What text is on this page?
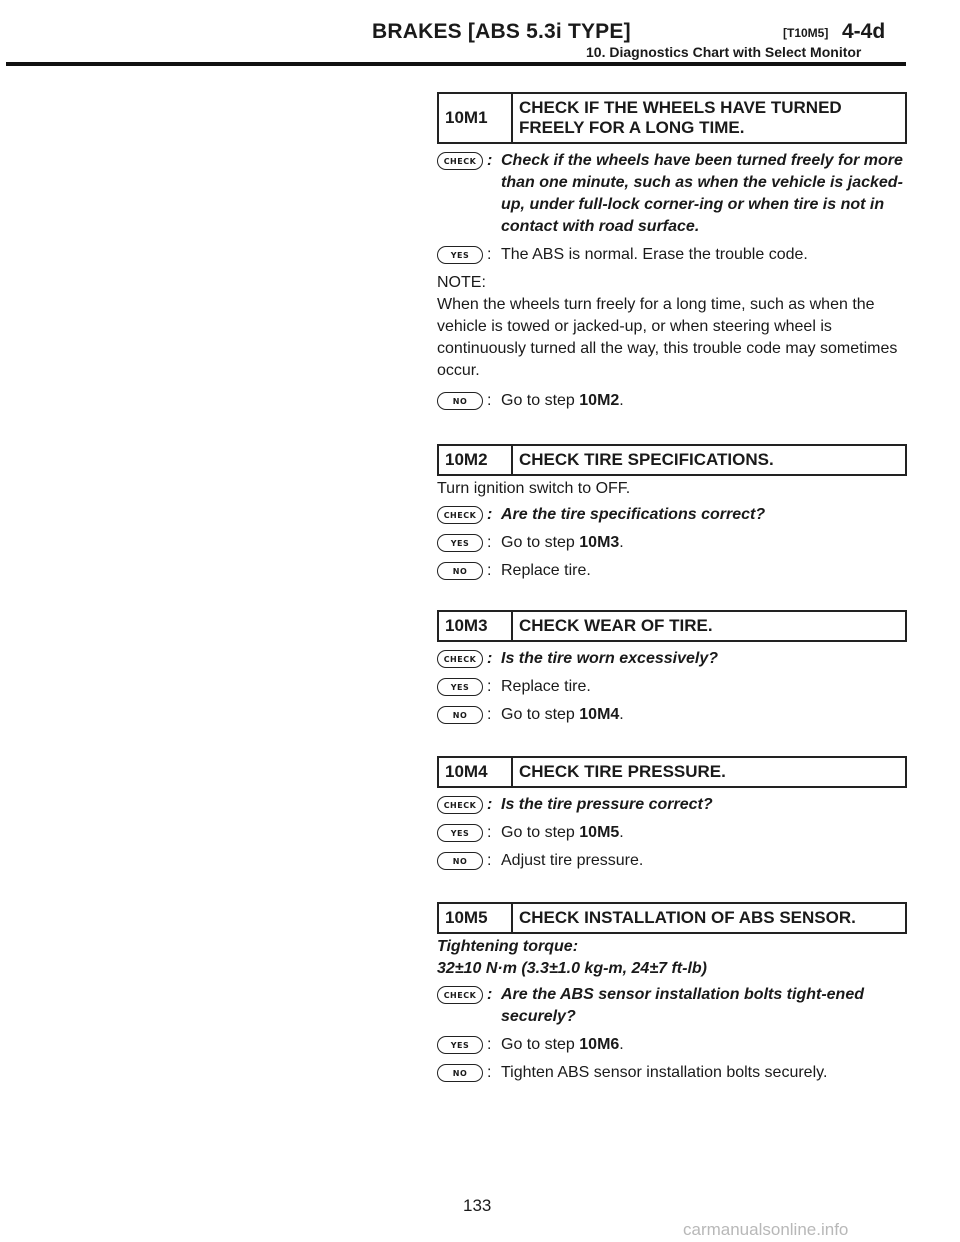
BRAKES [ABS 5.3i TYPE]	[T10M5] 4-4d
10. Diagnostics Chart with Select Monitor
10M1
CHECK IF THE WHEELS HAVE TURNED FREELY FOR A LONG TIME.
CHECK : Check if the wheels have been turned freely for more than one minute, such as when the vehicle is jacked-up, under full-lock corner-ing or when tire is not in contact with road surface.
YES	: The ABS is normal. Erase the trouble code.
NOTE:
When the wheels turn freely for a long time, such as when the vehicle is towed or jacked-up, or when steering wheel is continuously turned all the way, this trouble code may sometimes occur.
NO	: Go to step 10M2.
10M2	CHECK TIRE SPECIFICATIONS.
Turn ignition switch to OFF.
CHECK : Are the tire specifications correct?
YES	: Go to step 10M3.
NO	: Replace tire.
10M3	CHECK WEAR OF TIRE.
CHECK : Is the tire worn excessively?
YES	: Replace tire.
NO	: Go to step 10M4.
10M4	CHECK TIRE PRESSURE.
CHECK : Is the tire pressure correct?
YES	: Go to step 10M5.
NO	: Adjust tire pressure.
10M5	CHECK INSTALLATION OF ABS SENSOR.
Tightening torque:
32±10 N·m (3.3±1.0 kg-m, 24±7 ft-lb)
CHECK : Are the ABS sensor installation bolts tight-ened securely?
YES	: Go to step 10M6.
NO	: Tighten ABS sensor installation bolts securely.
133
carmanualsonline.info
